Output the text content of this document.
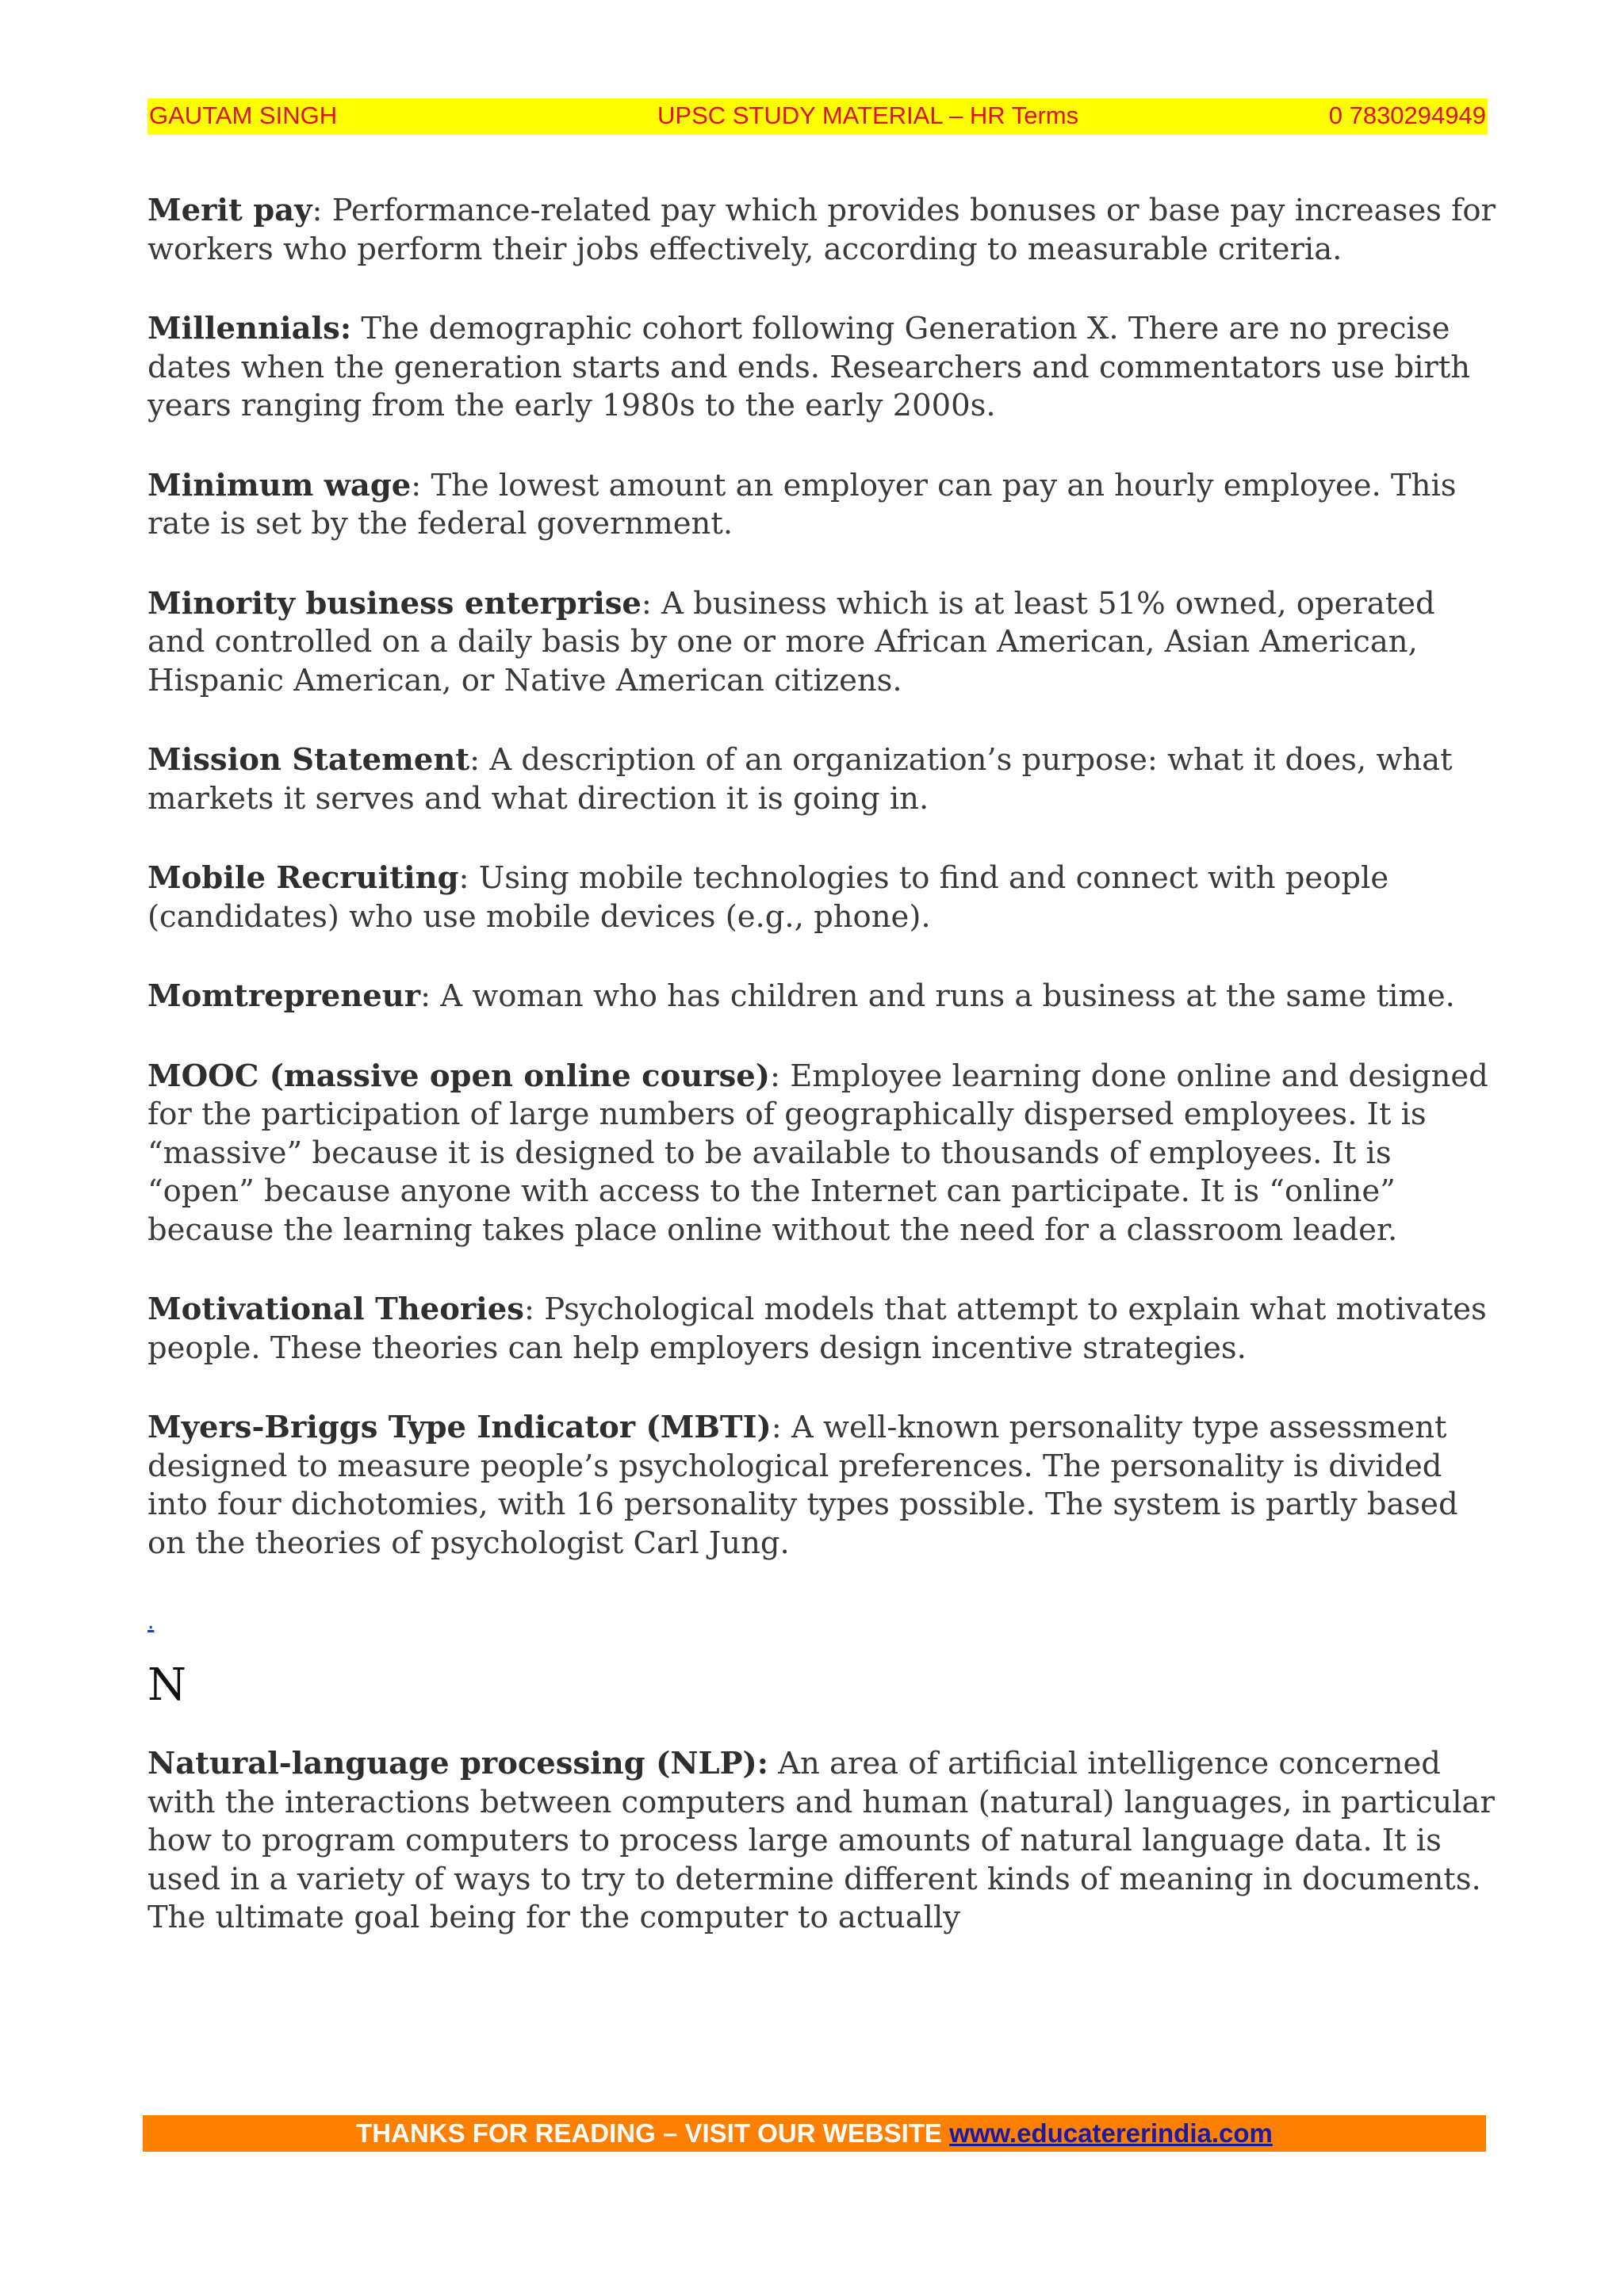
GAUTAM SINGH	UPSC STUDY MATERIAL – HR Terms	0 7830294949

Merit pay: Performance-related pay which provides bonuses or base pay increases for workers who perform their jobs effectively, according to measurable criteria.

Millennials: The demographic cohort following Generation X. There are no precise dates when the generation starts and ends. Researchers and commentators use birth years ranging from the early 1980s to the early 2000s.

Minimum wage: The lowest amount an employer can pay an hourly employee. This rate is set by the federal government.

Minority business enterprise: A business which is at least 51% owned, operated and controlled on a daily basis by one or more African American, Asian American, Hispanic American, or Native American citizens.

Mission Statement: A description of an organization’s purpose: what it does, what markets it serves and what direction it is going in.

Mobile Recruiting: Using mobile technologies to find and connect with people (candidates) who use mobile devices (e.g., phone).

Momtrepreneur: A woman who has children and runs a business at the same time.

MOOC (massive open online course): Employee learning done online and designed for the participation of large numbers of geographically dispersed employees. It is “massive” because it is designed to be available to thousands of employees. It is “open” because anyone with access to the Internet can participate. It is “online” because the learning takes place online without the need for a classroom leader.

Motivational Theories: Psychological models that attempt to explain what motivates people. These theories can help employers design incentive strategies.

Myers-Briggs Type Indicator (MBTI): A well-known personality type assessment designed to measure people’s psychological preferences. The personality is divided into four dichotomies, with 16 personality types possible. The system is partly based on the theories of psychologist Carl Jung.

.
N

Natural-language processing (NLP): An area of artificial intelligence concerned with the interactions between computers and human (natural) languages, in particular how to program computers to process large amounts of natural language data. It is used in a variety of ways to try to determine different kinds of meaning in documents. The ultimate goal being for the computer to actually

THANKS FOR READING – VISIT OUR WEBSITE www.educatererindia.com
